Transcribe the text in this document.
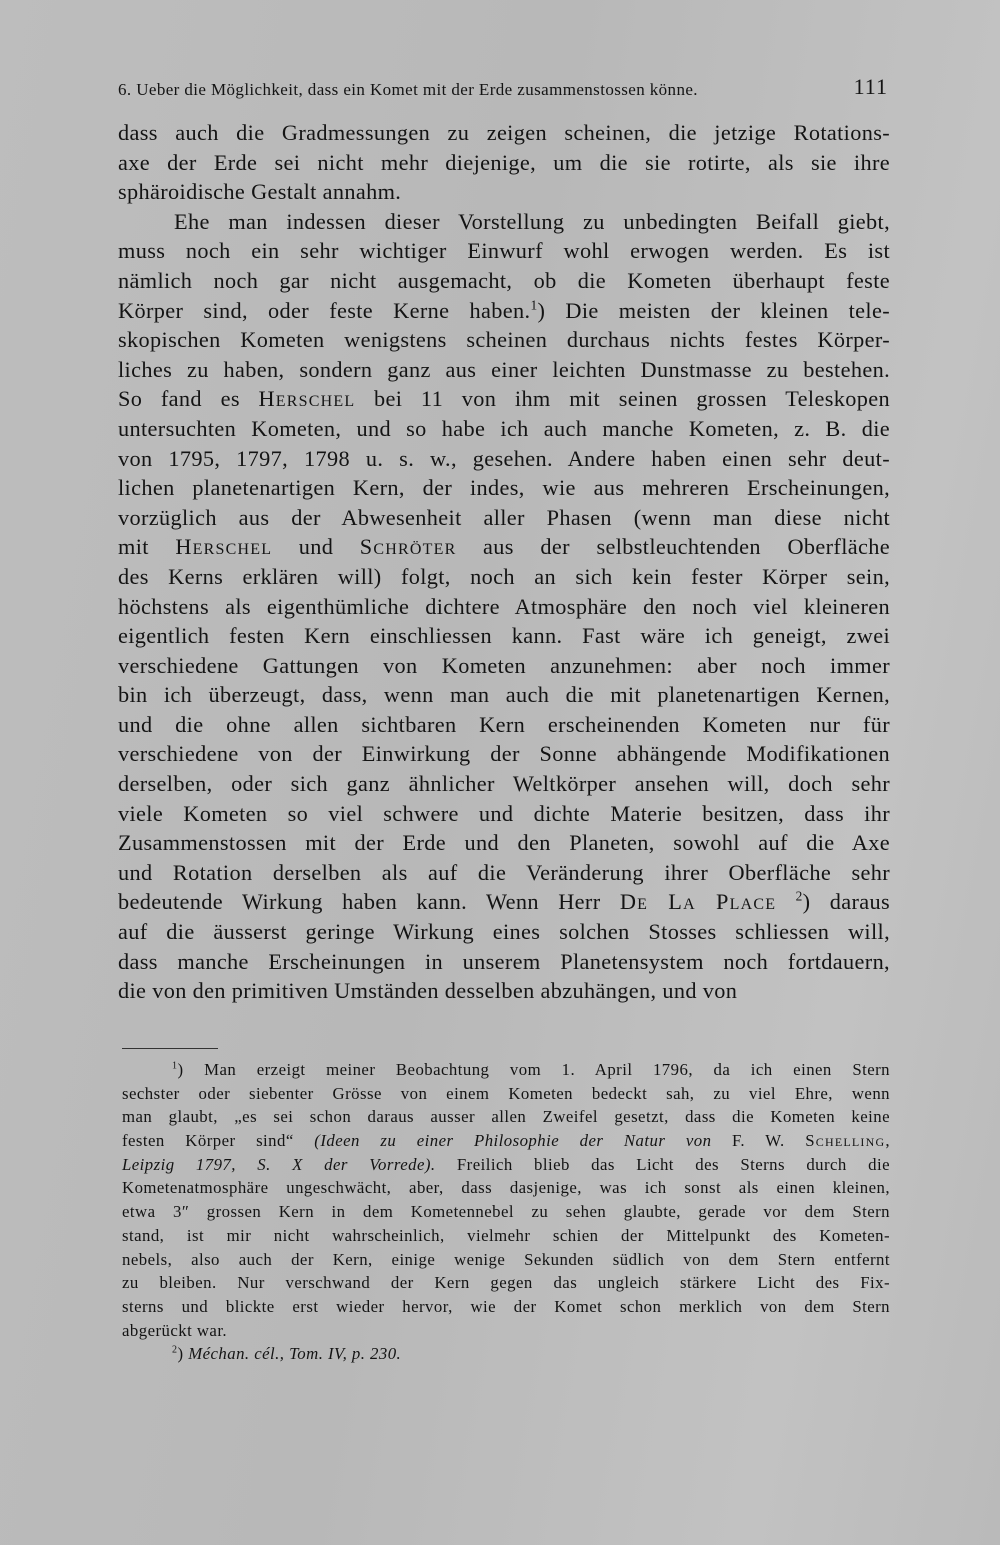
6. Ueber die Möglichkeit, dass ein Komet mit der Erde zusammenstossen könne.	111
dass auch die Gradmessungen zu zeigen scheinen, die jetzige Rotations-
axe der Erde sei nicht mehr diejenige, um die sie rotirte, als sie ihre
sphäroidische Gestalt annahm.
Ehe man indessen dieser Vorstellung zu unbedingten Beifall giebt,
muss noch ein sehr wichtiger Einwurf wohl erwogen werden. Es ist
nämlich noch gar nicht ausgemacht, ob die Kometen überhaupt feste
Körper sind, oder feste Kerne haben.$^1$) Die meisten der kleinen tele-
skopischen Kometen wenigstens scheinen durchaus nichts festes Körper-
liches zu haben, sondern ganz aus einer leichten Dunstmasse zu bestehen.
So fand es Herschel bei 11 von ihm mit seinen grossen Teleskopen
untersuchten Kometen, und so habe ich auch manche Kometen, z. B. die
von 1795, 1797, 1798 u. s. w., gesehen. Andere haben einen sehr deut-
lichen planetenartigen Kern, der indes, wie aus mehreren Erscheinungen,
vorzüglich aus der Abwesenheit aller Phasen (wenn man diese nicht
mit Herschel und Schröter aus der selbstleuchtenden Oberfläche
des Kerns erklären will) folgt, noch an sich kein fester Körper sein,
höchstens als eigenthümliche dichtere Atmosphäre den noch viel kleineren
eigentlich festen Kern einschliessen kann. Fast wäre ich geneigt, zwei
verschiedene Gattungen von Kometen anzunehmen: aber noch immer
bin ich überzeugt, dass, wenn man auch die mit planetenartigen Kernen,
und die ohne allen sichtbaren Kern erscheinenden Kometen nur für
verschiedene von der Einwirkung der Sonne abhängende Modifikationen
derselben, oder sich ganz ähnlicher Weltkörper ansehen will, doch sehr
viele Kometen so viel schwere und dichte Materie besitzen, dass ihr
Zusammenstossen mit der Erde und den Planeten, sowohl auf die Axe
und Rotation derselben als auf die Veränderung ihrer Oberfläche sehr
bedeutende Wirkung haben kann. Wenn Herr De La Place $^2$) daraus
auf die äusserst geringe Wirkung eines solchen Stosses schliessen will,
dass manche Erscheinungen in unserem Planetensystem noch fortdauern,
die von den primitiven Umständen desselben abzuhängen, und von
$^1$) Man erzeigt meiner Beobachtung vom 1. April 1796, da ich einen Stern
sechster oder siebenter Grösse von einem Kometen bedeckt sah, zu viel Ehre, wenn
man glaubt, „es sei schon daraus ausser allen Zweifel gesetzt, dass die Kometen keine
festen Körper sind“ (Ideen zu einer Philosophie der Natur von F. W. Schelling,
Leipzig 1797, S. X der Vorrede). Freilich blieb das Licht des Sterns durch die
Kometenatmosphäre ungeschwächt, aber, dass dasjenige, was ich sonst als einen kleinen,
etwa 3″ grossen Kern in dem Kometennebel zu sehen glaubte, gerade vor dem Stern
stand, ist mir nicht wahrscheinlich, vielmehr schien der Mittelpunkt des Kometen-
nebels, also auch der Kern, einige wenige Sekunden südlich von dem Stern entfernt
zu bleiben. Nur verschwand der Kern gegen das ungleich stärkere Licht des Fix-
sterns und blickte erst wieder hervor, wie der Komet schon merklich von dem Stern
abgerückt war.
$^2$) Méchan. cél., Tom. IV, p. 230.
